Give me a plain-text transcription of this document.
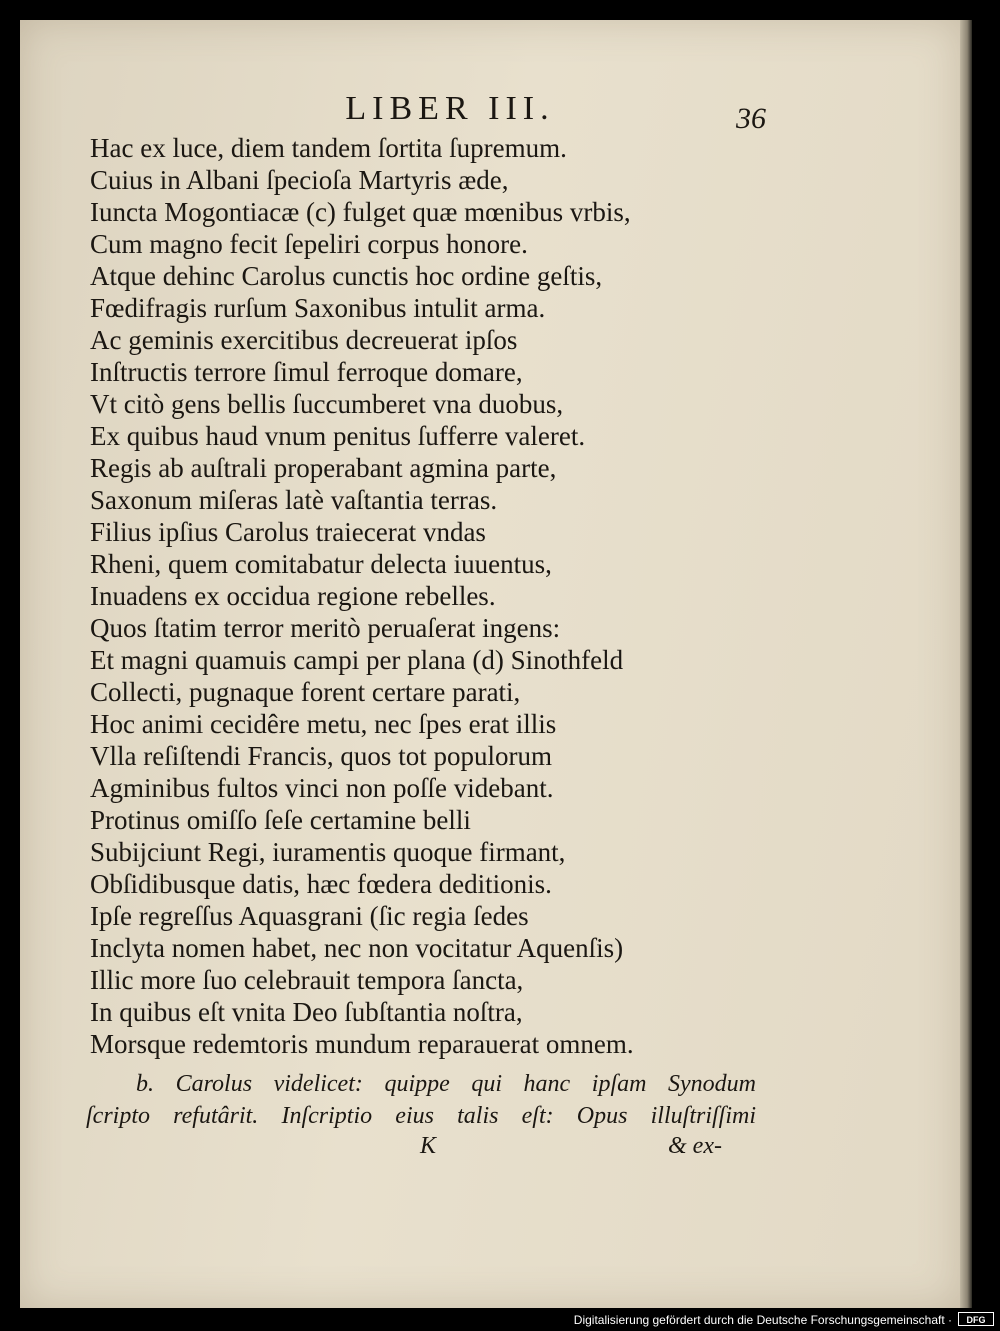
LIBER III.	36
Hac ex luce, diem tandem ſortita ſupremum.
Cuius in Albani ſpecioſa Martyris æde,
Iuncta Mogontiacæ (c) fulget quæ mœnibus vrbis,
Cum magno fecit ſepeliri corpus honore.
Atque dehinc Carolus cunctis hoc ordine geſtis,
Fœdifragis rurſum Saxonibus intulit arma.
Ac geminis exercitibus decreuerat ipſos
Inſtructis terrore ſimul ferroque domare,
Vt citò gens bellis ſuccumberet vna duobus,
Ex quibus haud vnum penitus ſufferre valeret.
Regis ab auſtrali properabant agmina parte,
Saxonum miſeras latè vaſtantia terras.
Filius ipſius Carolus traiecerat vndas
Rheni, quem comitabatur delecta iuuentus,
Inuadens ex occidua regione rebelles.
Quos ſtatim terror meritò peruaſerat ingens:
Et magni quamuis campi per plana (d) Sinothfeld
Collecti, pugnaque forent certare parati,
Hoc animi cecidêre metu, nec ſpes erat illis
Vlla reſiſtendi Francis, quos tot populorum
Agminibus fultos vinci non poſſe videbant.
Protinus omiſſo ſeſe certamine belli
Subijciunt Regi, iuramentis quoque firmant,
Obſidibusque datis, hæc fœdera deditionis.
Ipſe regreſſus Aquasgrani (ſic regia ſedes
Inclyta nomen habet, nec non vocitatur Aquenſis)
Illic more ſuo celebrauit tempora ſancta,
In quibus eſt vnita Deo ſubſtantia noſtra,
Morsque redemtoris mundum reparauerat omnem.
b. Carolus videlicet: quippe qui hanc ipſam Synodum
ſcripto refutârit. Inſcriptio eius talis eſt: Opus illuſtriſſimi
K	& ex-
Digitalisierung gefördert durch die Deutsche Forschungsgemeinschaft ·	DFG
